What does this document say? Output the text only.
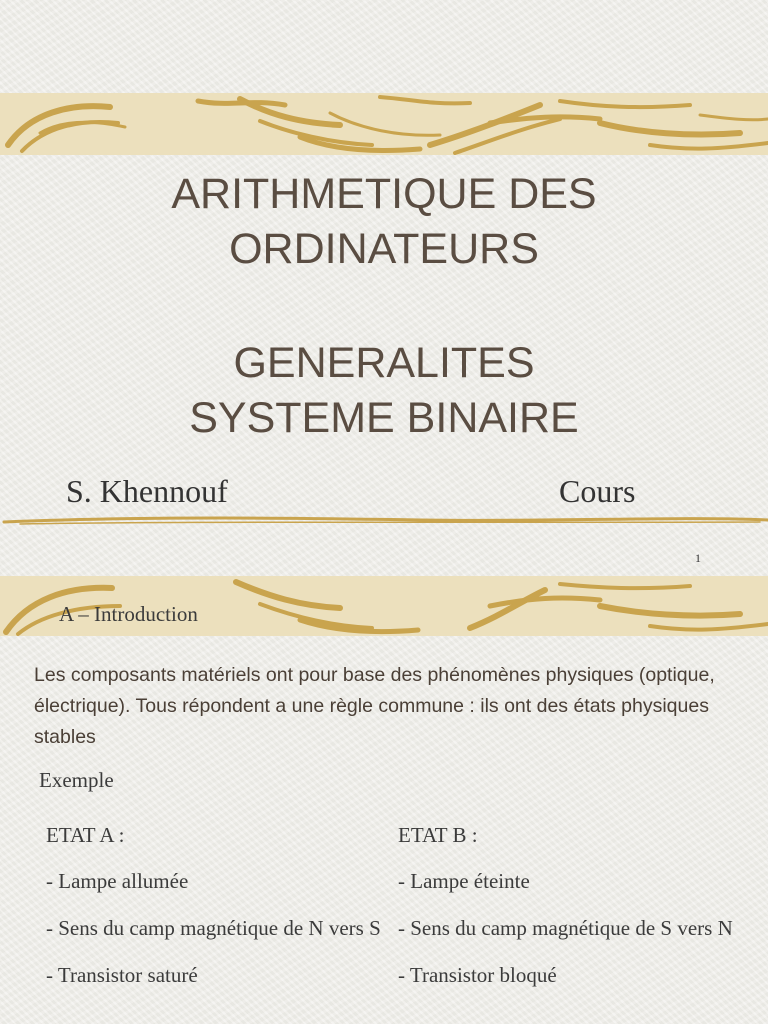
ARITHMETIQUE DES
ORDINATEURS
GENERALITES
SYSTEME BINAIRE
S. Khennouf	Cours
1
A – Introduction
Les composants matériels ont pour base des phénomènes physiques (optique, électrique). Tous répondent a une règle commune : ils ont des états physiques stables
Exemple
ETAT A :
- Lampe allumée
- Sens du camp magnétique de N vers S
- Transistor saturé
ETAT B :
- Lampe éteinte
- Sens du camp magnétique de S vers N
- Transistor bloqué
